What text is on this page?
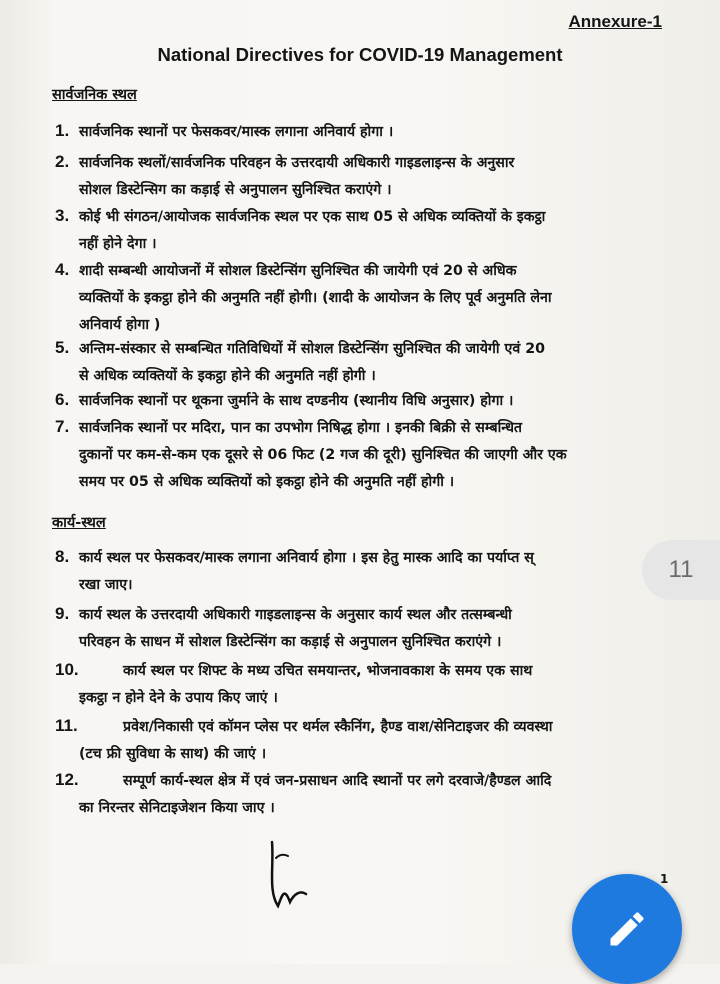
Annexure-1
National Directives for COVID-19 Management
सार्वजनिक स्थल
1. सार्वजनिक स्थानों पर फेसकवर/मास्क लगाना अनिवार्य होगा ।
2. सार्वजनिक स्थलों/सार्वजनिक परिवहन के उत्तरदायी अधिकारी गाइडलाइन्स के अनुसार
सोशल डिस्टेन्सिग का कड़ाई से अनुपालन सुनिश्चित कराएंगे ।
3. कोई भी संगठन/आयोजक सार्वजनिक स्थल पर एक साथ 05 से अधिक व्यक्तियों के इकट्ठा
नहीं होने देगा ।
4. शादी सम्बन्धी आयोजनों में सोशल डिस्टेन्सिंग सुनिश्चित की जायेगी एवं 20 से अधिक
व्यक्तियों के इकट्ठा होने की अनुमति नहीं होगी। (शादी के आयोजन के लिए पूर्व अनुमति लेना
अनिवार्य होगा )
5. अन्तिम-संस्कार से सम्बन्धित गतिविधियों में सोशल डिस्टेन्सिंग सुनिश्चित की जायेगी एवं 20
से अधिक व्यक्तियों के इकट्ठा होने की अनुमति नहीं होगी ।
6. सार्वजनिक स्थानों पर थूकना जुर्माने के साथ दण्डनीय (स्थानीय विधि अनुसार) होगा ।
7. सार्वजनिक स्थानों पर मदिरा, पान का उपभोग निषिद्ध होगा । इनकी बिक्री से सम्बन्धित
दुकानों पर कम-से-कम एक दूसरे से 06 फिट (2 गज की दूरी) सुनिश्चित की जाएगी और एक
समय पर 05 से अधिक व्यक्तियों को इकट्ठा होने की अनुमति नहीं होगी ।
कार्य-स्थल
8. कार्य स्थल पर फेसकवर/मास्क लगाना अनिवार्य होगा । इस हेतु मास्क आदि का पर्याप्त स्
रखा जाए।
9. कार्य स्थल के उत्तरदायी अधिकारी गाइडलाइन्स के अनुसार कार्य स्थल और तत्सम्बन्धी
परिवहन के साधन में सोशल डिस्टेन्सिंग का कड़ाई से अनुपालन सुनिश्चित कराएंगे ।
10.	कार्य स्थल पर शिफ्ट के मध्य उचित समयान्तर, भोजनावकाश के समय एक साथ
इकट्ठा न होने देने के उपाय किए जाएं ।
11.	प्रवेश/निकासी एवं कॉमन प्लेस पर थर्मल स्कैनिंग, हैण्ड वाश/सेनिटाइजर की व्यवस्था
(टच फ्री सुविधा के साथ) की जाएं ।
12.	सम्पूर्ण कार्य-स्थल क्षेत्र में एवं जन-प्रसाधन आदि स्थानों पर लगे दरवाजे/हैण्डल आदि
का निरन्तर सेनिटाइजेशन किया जाए ।
1
11
